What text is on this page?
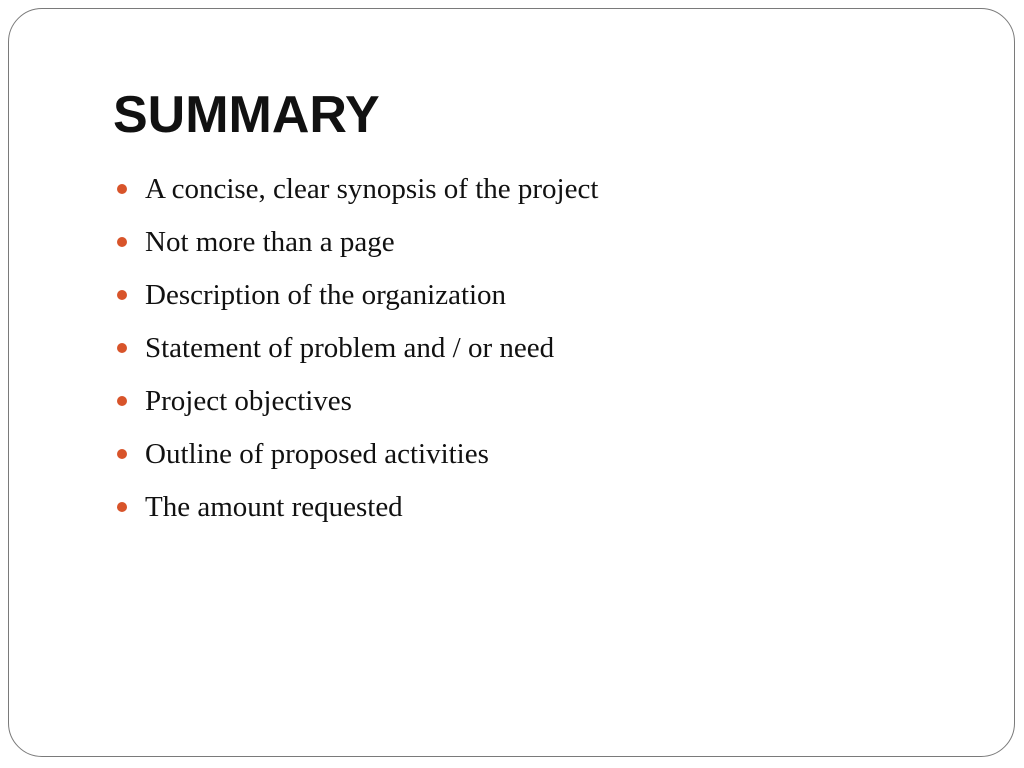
SUMMARY
A concise, clear synopsis of the project
Not more than a page
Description of the organization
Statement of problem and / or need
Project objectives
Outline of proposed activities
The amount requested
